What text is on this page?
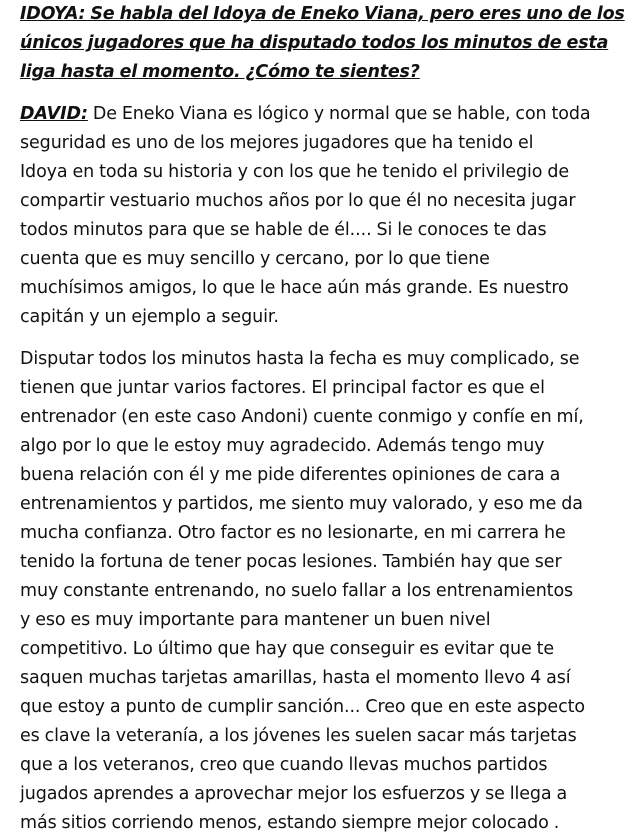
IDOYA: Se habla del Idoya de Eneko Viana, pero eres uno de los
únicos jugadores que ha disputado todos los minutos de esta
liga hasta el momento. ¿Cómo te sientes?
DAVID: De Eneko Viana es lógico y normal que se hable, con toda
seguridad es uno de los mejores jugadores que ha tenido el
Idoya en toda su historia y con los que he tenido el privilegio de
compartir vestuario muchos años por lo que él no necesita jugar
todos minutos para que se hable de él.... Si le conoces te das
cuenta que es muy sencillo y cercano, por lo que tiene
muchísimos amigos, lo que le hace aún más grande. Es nuestro
capitán y un ejemplo a seguir.
Disputar todos los minutos hasta la fecha es muy complicado, se
tienen que juntar varios factores. El principal factor es que el
entrenador (en este caso Andoni) cuente conmigo y confíe en mí,
algo por lo que le estoy muy agradecido. Además tengo muy
buena relación con él y me pide diferentes opiniones de cara a
entrenamientos y partidos, me siento muy valorado, y eso me da
mucha confianza. Otro factor es no lesionarte, en mi carrera he
tenido la fortuna de tener pocas lesiones. También hay que ser
muy constante entrenando, no suelo fallar a los entrenamientos
y eso es muy importante para mantener un buen nivel
competitivo. Lo último que hay que conseguir es evitar que te
saquen muchas tarjetas amarillas, hasta el momento llevo 4 así
que estoy a punto de cumplir sanción... Creo que en este aspecto
es clave la veteranía, a los jóvenes les suelen sacar más tarjetas
que a los veteranos, creo que cuando llevas muchos partidos
jugados aprendes a aprovechar mejor los esfuerzos y se llega a
más sitios corriendo menos, estando siempre mejor colocado .
